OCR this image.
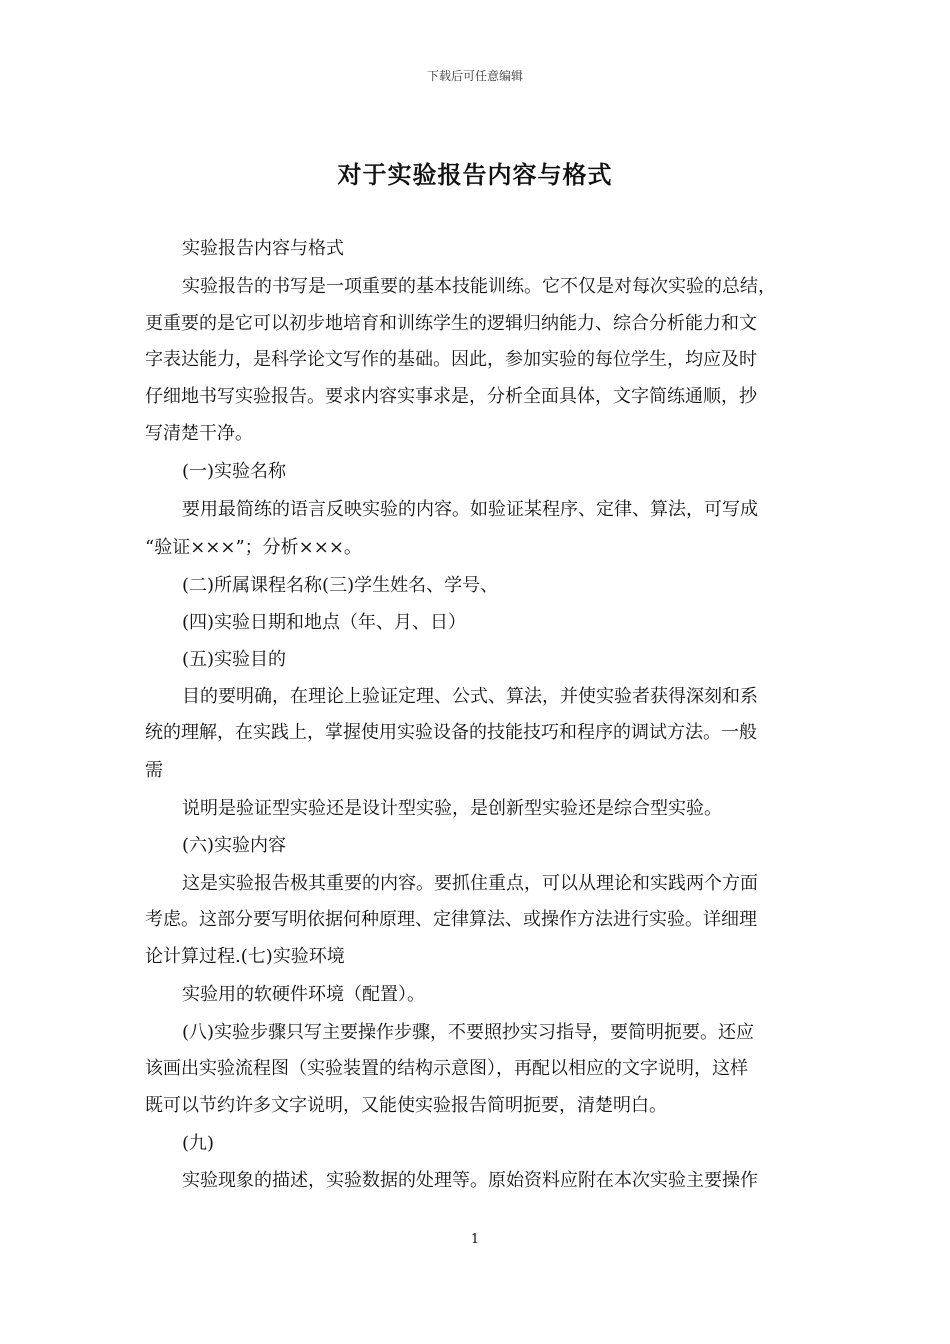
下载后可任意编辑
对于实验报告内容与格式
实验报告内容与格式
实验报告的书写是一项重要的基本技能训练。它不仅是对每次实验的总结，
更重要的是它可以初步地培育和训练学生的逻辑归纳能力、综合分析能力和文
字表达能力，是科学论文写作的基础。因此，参加实验的每位学生，均应及时
仔细地书写实验报告。要求内容实事求是，分析全面具体，文字简练通顺，抄
写清楚干净。
(一)实验名称
要用最简练的语言反映实验的内容。如验证某程序、定律、算法，可写成
“验证×××”；分析×××。
(二)所属课程名称(三)学生姓名、学号、
(四)实验日期和地点（年、月、日）
(五)实验目的
目的要明确，在理论上验证定理、公式、算法，并使实验者获得深刻和系
统的理解，在实践上，掌握使用实验设备的技能技巧和程序的调试方法。一般
需
说明是验证型实验还是设计型实验，是创新型实验还是综合型实验。
(六)实验内容
这是实验报告极其重要的内容。要抓住重点，可以从理论和实践两个方面
考虑。这部分要写明依据何种原理、定律算法、或操作方法进行实验。详细理
论计算过程.(七)实验环境
实验用的软硬件环境（配置）。
(八)实验步骤只写主要操作步骤，不要照抄实习指导，要简明扼要。还应
该画出实验流程图（实验装置的结构示意图），再配以相应的文字说明，这样
既可以节约许多文字说明，又能使实验报告简明扼要，清楚明白。
(九)
实验现象的描述，实验数据的处理等。原始资料应附在本次实验主要操作
1
